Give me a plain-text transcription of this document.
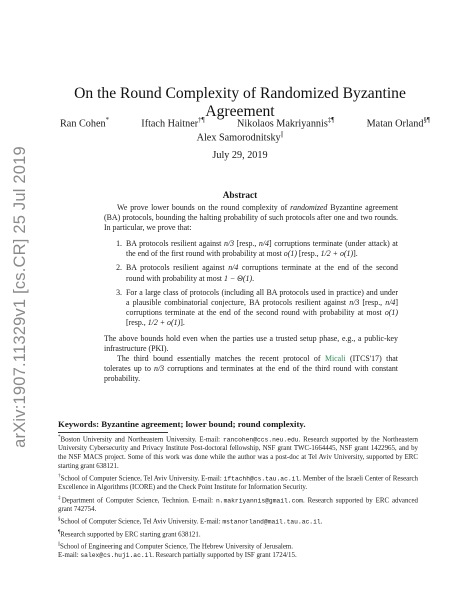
arXiv:1907.11329v1 [cs.CR] 25 Jul 2019
On the Round Complexity of Randomized Byzantine Agreement
Ran Cohen*	Iftach Haitner†¶	Nikolaos Makriyannis‡¶	Matan Orland§¶
Alex Samorodnitsky||
July 29, 2019
Abstract

We prove lower bounds on the round complexity of randomized Byzantine agreement (BA) protocols, bounding the halting probability of such protocols after one and two rounds. In particular, we prove that:

1. BA protocols resilient against n/3 [resp., n/4] corruptions terminate (under attack) at the end of the first round with probability at most o(1) [resp., 1/2 + o(1)].
2. BA protocols resilient against n/4 corruptions terminate at the end of the second round with probability at most 1 − Θ(1).
3. For a large class of protocols (including all BA protocols used in practice) and under a plausible combinatorial conjecture, BA protocols resilient against n/3 [resp., n/4] corruptions terminate at the end of the second round with probability at most o(1) [resp., 1/2 + o(1)].

The above bounds hold even when the parties use a trusted setup phase, e.g., a public-key infrastructure (PKI).

The third bound essentially matches the recent protocol of Micali (ITCS'17) that tolerates up to n/3 corruptions and terminates at the end of the third round with constant probability.

Keywords: Byzantine agreement; lower bound; round complexity.

*Boston University and Northeastern University. E-mail: rancohen@ccs.neu.edu. Research supported by the Northeastern University Cybersecurity and Privacy Institute Post-doctoral fellowship, NSF grant TWC-1664445, NSF grant 1422965, and by the NSF MACS project. Some of this work was done while the author was a post-doc at Tel Aviv University, supported by ERC starting grant 638121.

†School of Computer Science, Tel Aviv University. E-mail: iftachh@cs.tau.ac.il. Member of the Israeli Center of Research Excellence in Algorithms (ICORE) and the Check Point Institute for Information Security.

‡Department of Computer Science, Technion. E-mail: n.makriyannis@gmail.com. Research supported by ERC advanced grant 742754.

§School of Computer Science, Tel Aviv University. E-mail: mstanorland@mail.tau.ac.il.

¶Research supported by ERC starting grant 638121.

||School of Engineering and Computer Science, The Hebrew University of Jerusalem.
E-mail: salex@cs.huji.ac.il. Research partially supported by ISF grant 1724/15.
